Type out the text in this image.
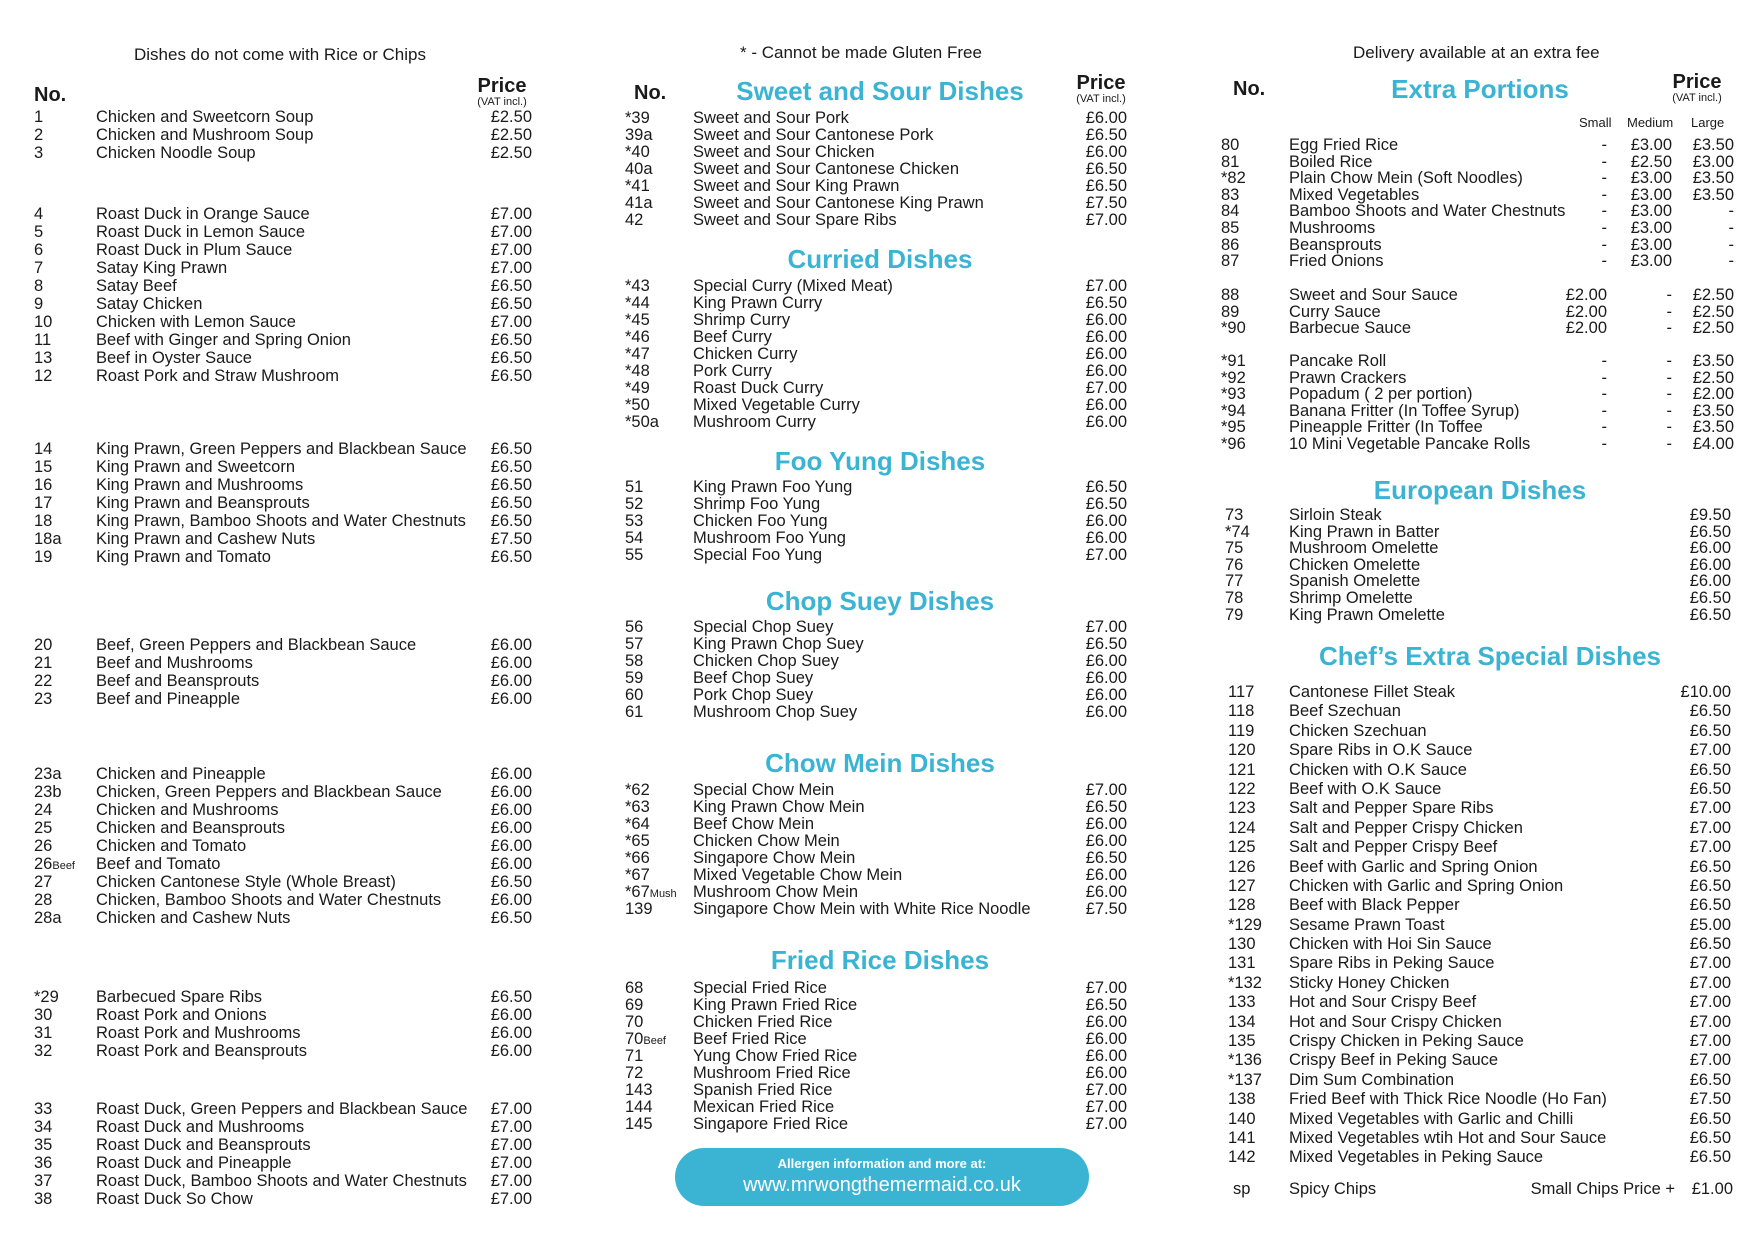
Dishes do not come with Rice or Chips	* - Cannot be made Gluten Free	Delivery available at an extra fee
No.	Price
(VAT incl.)
1	Chicken and Sweetcorn Soup	£2.50
2	Chicken and Mushroom Soup	£2.50
3	Chicken Noodle Soup	£2.50
4	Roast Duck in Orange Sauce	£7.00
5	Roast Duck in Lemon Sauce	£7.00
6	Roast Duck in Plum Sauce	£7.00
7	Satay King Prawn	£7.00
8	Satay Beef	£6.50
9	Satay Chicken	£6.50
10	Chicken with Lemon Sauce	£7.00
11	Beef with Ginger and Spring Onion	£6.50
13	Beef in Oyster Sauce	£6.50
12	Roast Pork and Straw Mushroom	£6.50
14	King Prawn, Green Peppers and Blackbean Sauce	£6.50
15	King Prawn and Sweetcorn	£6.50
16	King Prawn and Mushrooms	£6.50
17	King Prawn and Beansprouts	£6.50
18	King Prawn, Bamboo Shoots and Water Chestnuts	£6.50
18a King Prawn and Cashew Nuts	£7.50
19	King Prawn and Tomato	£6.50
20	Beef, Green Peppers and Blackbean Sauce	£6.00
21	Beef and Mushrooms	£6.00
22	Beef and Beansprouts	£6.00
23	Beef and Pineapple	£6.00
23a Chicken and Pineapple	£6.00
23b Chicken, Green Peppers and Blackbean Sauce	£6.00
24	Chicken and Mushrooms	£6.00
25	Chicken and Beansprouts	£6.00
26	Chicken and Tomato	£6.00
26Beef Beef and Tomato	£6.00
27	Chicken Cantonese Style (Whole Breast)	£6.50
28	Chicken, Bamboo Shoots and Water Chestnuts	£6.00
28a Chicken and Cashew Nuts	£6.50
*29 Barbecued Spare Ribs	£6.50
30	Roast Pork and Onions	£6.00
31	Roast Pork and Mushrooms	£6.00
32	Roast Pork and Beansprouts	£6.00
33	Roast Duck, Green Peppers and Blackbean Sauce	£7.00
34	Roast Duck and Mushrooms	£7.00
35	Roast Duck and Beansprouts	£7.00
36	Roast Duck and Pineapple	£7.00
37	Roast Duck, Bamboo Shoots and Water Chestnuts	£7.00
38	Roast Duck So Chow	£7.00
No.	Price
(VAT incl.)
Sweet and Sour Dishes
*39	Sweet and Sour Pork	£6.00
39a Sweet and Sour Cantonese Pork	£6.50
*40	Sweet and Sour Chicken	£6.00
40a Sweet and Sour Cantonese Chicken	£6.50
*41	Sweet and Sour King Prawn	£6.50
41a Sweet and Sour Cantonese King Prawn	£7.50
42	Sweet and Sour Spare Ribs	£7.00
Curried Dishes
*43	Special Curry (Mixed Meat)	£7.00
*44	King Prawn Curry	£6.50
*45	Shrimp Curry	£6.00
*46	Beef Curry	£6.00
*47	Chicken Curry	£6.00
*48	Pork Curry	£6.00
*49	Roast Duck Curry	£7.00
*50	Mixed Vegetable Curry	£6.00
*50a Mushroom Curry	£6.00
Foo Yung Dishes
51	King Prawn Foo Yung	£6.50
52	Shrimp Foo Yung	£6.50
53	Chicken Foo Yung	£6.00
54	Mushroom Foo Yung	£6.00
55	Special Foo Yung	£7.00
Chop Suey Dishes
56	Special Chop Suey	£7.00
57	King Prawn Chop Suey	£6.50
58	Chicken Chop Suey	£6.00
59	Beef Chop Suey	£6.00
60	Pork Chop Suey	£6.00
61	Mushroom Chop Suey	£6.00
Chow Mein Dishes
*62	Special Chow Mein	£7.00
*63	King Prawn Chow Mein	£6.50
*64	Beef Chow Mein	£6.00
*65	Chicken Chow Mein	£6.00
*66	Singapore Chow Mein	£6.50
*67	Mixed Vegetable Chow Mein	£6.00
*67Mush Mushroom Chow Mein	£6.00
139 Singapore Chow Mein with White Rice Noodle	£7.50
Fried Rice Dishes
68	Special Fried Rice	£7.00
69	King Prawn Fried Rice	£6.50
70	Chicken Fried Rice	£6.00
70Beef Beef Fried Rice	£6.00
71	Yung Chow Fried Rice	£6.00
72	Mushroom Fried Rice	£6.00
143 Spanish Fried Rice	£7.00
144 Mexican Fried Rice	£7.00
145 Singapore Fried Rice	£7.00
Allergen information and more at:
www.mrwongthemermaid.co.uk
No.	Extra Portions	Price
(VAT incl.)
Small Medium Large
80	Egg Fried Rice	- £3.00 £3.50
81	Boiled Rice	- £2.50 £3.00
*82	Plain Chow Mein (Soft Noodles)	- £3.00 £3.50
83	Mixed Vegetables	- £3.00 £3.50
84	Bamboo Shoots and Water Chestnuts	- £3.00	-
85	Mushrooms	- £3.00	-
86	Beansprouts	- £3.00	-
87	Fried Onions	- £3.00	-
88	Sweet and Sour Sauce	£2.00	- £2.50
89	Curry Sauce	£2.00	- £2.50
*90	Barbecue Sauce	£2.00	- £2.50
*91	Pancake Roll	-	- £3.50
*92	Prawn Crackers	-	- £2.50
*93	Popadum ( 2 per portion)	-	- £2.00
*94	Banana Fritter (In Toffee Syrup)	-	- £3.50
*95	Pineapple Fritter (In Toffee	-	- £3.50
*96	10 Mini Vegetable Pancake Rolls	-	- £4.00
European Dishes
73	Sirloin Steak	£9.50
*74 King Prawn in Batter	£6.50
75	Mushroom Omelette	£6.00
76	Chicken Omelette	£6.00
77	Spanish Omelette	£6.00
78	Shrimp Omelette	£6.50
79	King Prawn Omelette	£6.50
Chef’s Extra Special Dishes
117 Cantonese Fillet Steak	£10.00
118 Beef Szechuan	£6.50
119 Chicken Szechuan	£6.50
120 Spare Ribs in O.K Sauce	£7.00
121 Chicken with O.K Sauce	£6.50
122 Beef with O.K Sauce	£6.50
123 Salt and Pepper Spare Ribs	£7.00
124 Salt and Pepper Crispy Chicken	£7.00
125 Salt and Pepper Crispy Beef	£7.00
126 Beef with Garlic and Spring Onion	£6.50
127 Chicken with Garlic and Spring Onion	£6.50
128 Beef with Black Pepper	£6.50
*129 Sesame Prawn Toast	£5.00
130 Chicken with Hoi Sin Sauce	£6.50
131 Spare Ribs in Peking Sauce	£7.00
*132 Sticky Honey Chicken	£7.00
133 Hot and Sour Crispy Beef	£7.00
134 Hot and Sour Crispy Chicken	£7.00
135 Crispy Chicken in Peking Sauce	£7.00
*136 Crispy Beef in Peking Sauce	£7.00
*137 Dim Sum Combination	£6.50
138 Fried Beef with Thick Rice Noodle (Ho Fan)	£7.50
140 Mixed Vegetables with Garlic and Chilli	£6.50
141 Mixed Vegetables wtih Hot and Sour Sauce	£6.50
142 Mixed Vegetables in Peking Sauce	£6.50
sp Spicy Chips	Small Chips Price + £1.00
